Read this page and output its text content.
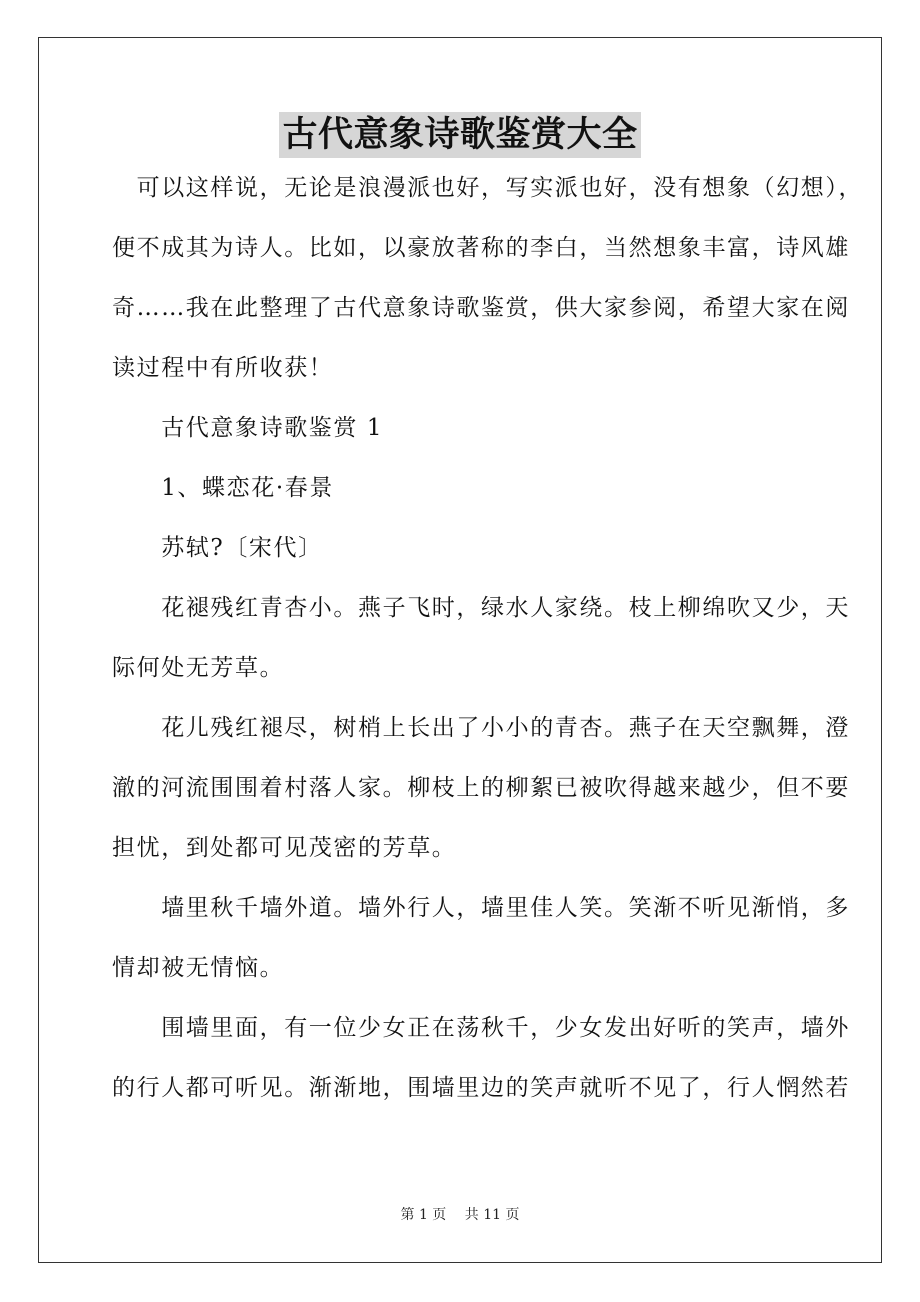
古代意象诗歌鉴赏大全
　可以这样说，无论是浪漫派也好，写实派也好，没有想象（幻想），
便不成其为诗人。比如，以豪放著称的李白，当然想象丰富，诗风雄
奇……我在此整理了古代意象诗歌鉴赏，供大家参阅，希望大家在阅
读过程中有所收获！
　　古代意象诗歌鉴赏 1
　　1、蝶恋花·春景
　　苏轼?〔宋代〕
　　花褪残红青杏小。燕子飞时，绿水人家绕。枝上柳绵吹又少，天
际何处无芳草。
　　花儿残红褪尽，树梢上长出了小小的青杏。燕子在天空飘舞，澄
澈的河流围围着村落人家。柳枝上的柳絮已被吹得越来越少，但不要
担忧，到处都可见茂密的芳草。
　　墙里秋千墙外道。墙外行人，墙里佳人笑。笑渐不听见渐悄，多
情却被无情恼。
　　围墙里面，有一位少女正在荡秋千，少女发出好听的笑声，墙外
的行人都可听见。渐渐地，围墙里边的笑声就听不见了，行人惘然若
第 1 页　 共 11 页
